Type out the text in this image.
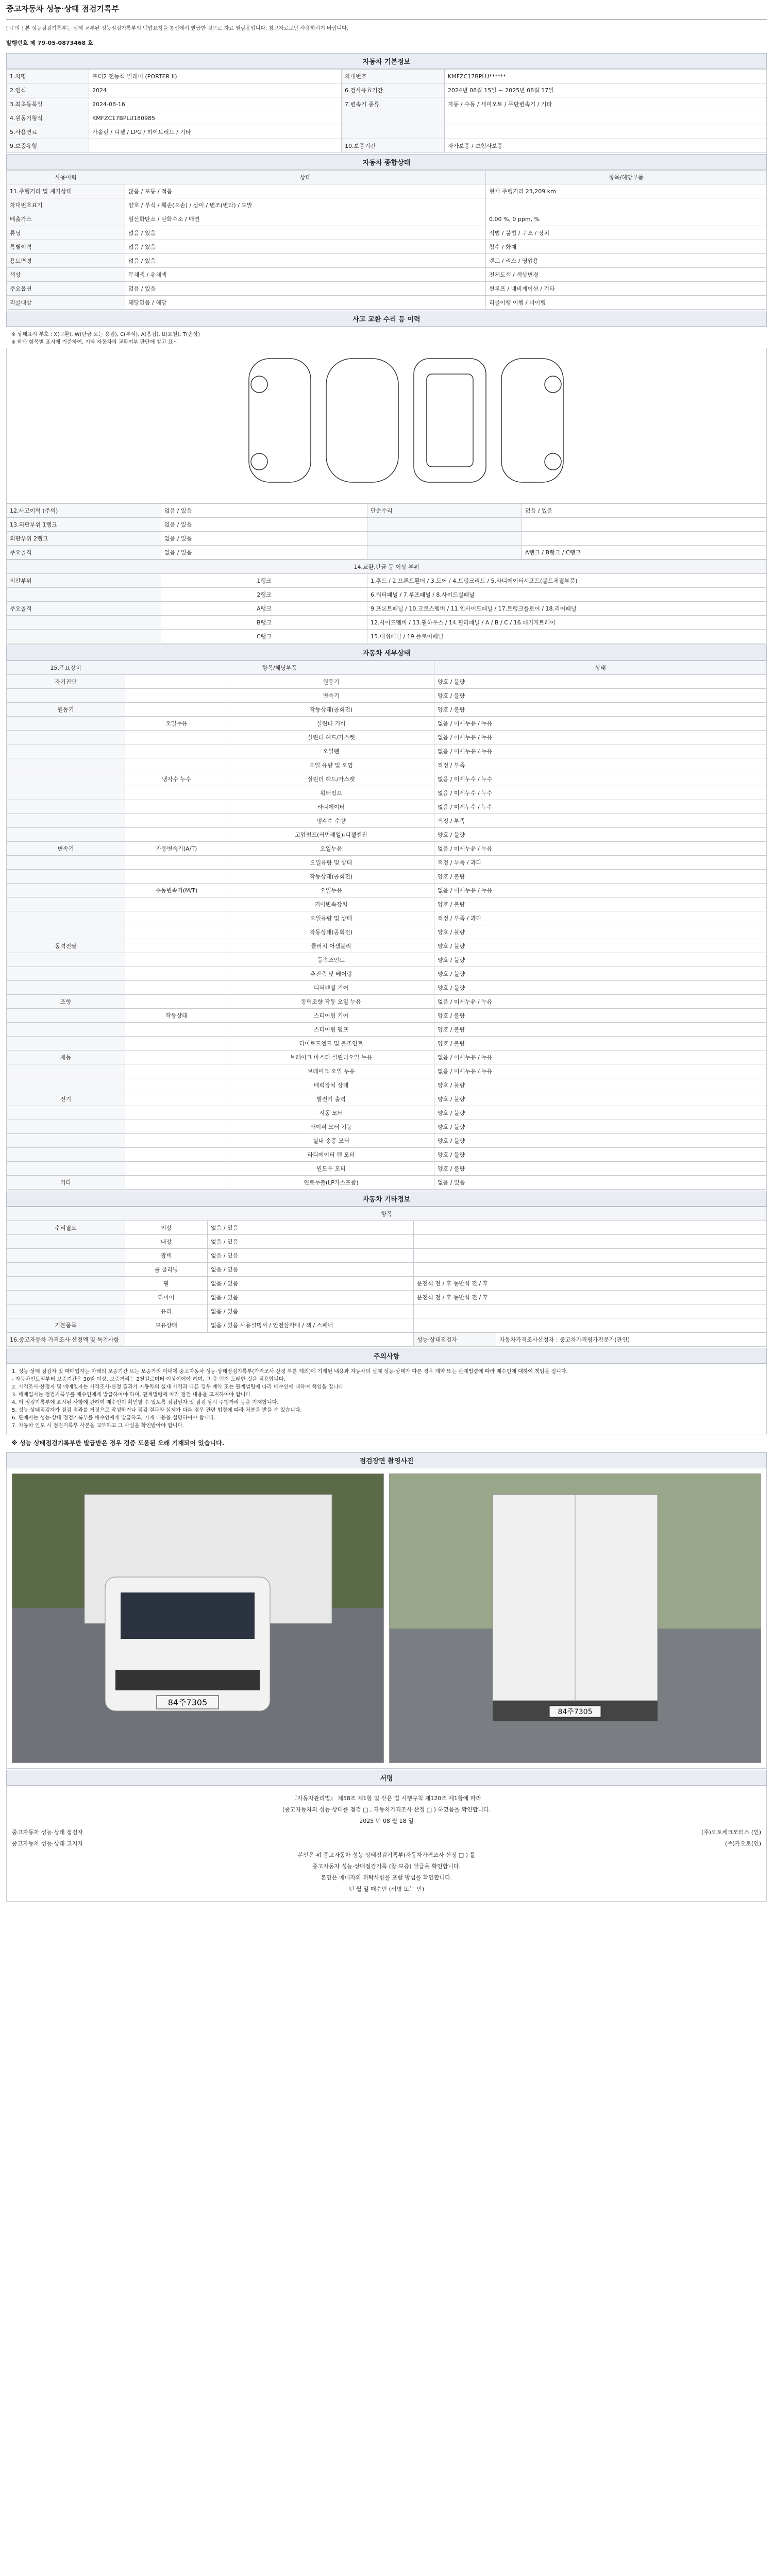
중고자동차 성능·상태 점검기록부
[ 주의 ] 본 성능점검기록부는 실제 교부된 성능점검기록부의 백업요청을 통신에서 발급한 것으로 자료 열람용입니다. 참고자료로만 사용하시기 바랍니다.
발행번호 제 79-05-0873468 호
자동차 기본정보
1.차명	포터2 전동식 빌레미 (PORTER II)	차대번호	KMFZC17BPLU******
2.연식	2024	6.검사유효기간	2024년 08월 15일 ~ 2025년 08월 17일
3.최초등록일	2024-08-16	7.변속기 종류	자동 / 수동 / 세미오토 / 무단변속기 / 기타
4.원동기형식	KMFZC17BPLU180985		
5.사용연료	가솔린 / 디젤 / LPG / 하이브리드 / 기타		
9.보증유형		10.보증기간	자가보증 / 보험사보증
자동차 종합상태
사용이력	상태	항목/해당부품
11.주행거리 및 계기상태	많음 / 보통 / 적음	현재 주행거리 23,209 km
차대번호표기	양호 / 부식 / 훼손(오손) / 상이 / 변조(변타) / 도말	
배출가스	일산화탄소 / 탄화수소 / 매연	0.00 %, 0 ppm, %
튜닝	없음 / 있음	적법 / 불법 / 구조 / 장치
특별이력	없음 / 있음	침수 / 화재
용도변경	없음 / 있음	렌트 / 리스 / 영업용
색상	무채색 / 유채색	전체도색 / 색상변경
주요옵션	없음 / 있음	썬루프 / 네비게이션 / 기타
리콜대상	해당없음 / 해당	리콜이행 이행 / 미이행
사고 교환 수리 등 이력
※ 상태표시 부호 : X(교환), W(판금 또는 용접), C(부식), A(흠집), U(요철), T(손상)
※ 하단 항목별 표시에 기준하여, 기타 자동차의 교환여부 판단에 참고 표시
12.사고이력 (주의)	없음 / 있음	단순수리	없음 / 있음
13.외판부위 1랭크	없음 / 있음		
외판부위 2랭크	없음 / 있음		
주요골격	없음 / 있음		A랭크 / B랭크 / C랭크
14.교환,판금 등 이상 부위		
외판부위	1랭크	1.후드 / 2.프론트휀더 / 3.도어 / 4.트렁크리드 / 5.라디에이터서포트(볼트체결부품)
	2랭크	6.쿼터패널 / 7.루프패널 / 8.사이드실패널
주요골격	A랭크	9.프론트패널 / 10.크로스멤버 / 11.인사이드패널 / 17.트렁크플로어 / 18.리어패널
	B랭크	12.사이드멤버 / 13.휠하우스 / 14.필러패널 / A / B / C / 16.패키지트레이
	C랭크	15.대쉬패널 / 19.플로어패널
자동차 세부상태
15.주요장치	항목/해당부품		상태
자기진단		원동기	양호 / 불량
		변속기	양호 / 불량
원동기		작동상태(공회전)	양호 / 불량
	오일누유	실린더 커버	없음 / 미세누유 / 누유
		실린더 헤드/가스켓	없음 / 미세누유 / 누유
		오일팬	없음 / 미세누유 / 누유
		오일 유량 및 오염	적정 / 부족
	냉각수 누수	실린더 헤드/가스켓	없음 / 미세누수 / 누수
		워터펌프	없음 / 미세누수 / 누수
		라디에이터	없음 / 미세누수 / 누수
		냉각수 수량	적정 / 부족
		고압펌프(커먼레일)-디젤엔진	양호 / 불량
변속기	자동변속기(A/T)	오일누유	없음 / 미세누유 / 누유
		오일유량 및 상태	적정 / 부족 / 과다
		작동상태(공회전)	양호 / 불량
	수동변속기(M/T)	오일누유	없음 / 미세누유 / 누유
		기어변속장치	양호 / 불량
		오일유량 및 상태	적정 / 부족 / 과다
		작동상태(공회전)	양호 / 불량
동력전달		클러치 어셈블리	양호 / 불량
		등속조인트	양호 / 불량
		추진축 및 베어링	양호 / 불량
		디퍼렌셜 기어	양호 / 불량
조향		동력조향 작동 오일 누유	없음 / 미세누유 / 누유
	작동상태	스티어링 기어	양호 / 불량
		스티어링 펌프	양호 / 불량
		타이로드엔드 및 볼조인트	양호 / 불량
제동		브레이크 마스터 실린더오일 누유	없음 / 미세누유 / 누유
		브레이크 오일 누유	없음 / 미세누유 / 누유
		배력장치 상태	양호 / 불량
전기		발전기 출력	양호 / 불량
		시동 모터	양호 / 불량
		와이퍼 모터 기능	양호 / 불량
		실내 송풍 모터	양호 / 불량
		라디에이터 팬 모터	양호 / 불량
		윈도우 모터	양호 / 불량
기타		연료누출(LP가스포함)	없음 / 있음
자동차 기타정보
항목			
수리필요	외장	없음 / 있음	
	내장	없음 / 있음	
	광택	없음 / 있음	
	룸 클리닝	없음 / 있음	
	휠	없음 / 있음	운전석 전 / 후 동반석 전 / 후
	타이어	없음 / 있음	운전석 전 / 후 동반석 전 / 후
	유리	없음 / 있음	
기본품목	보유상태	없음 / 있음 사용설명서 / 안전삼각대 / 잭 / 스패너	
16.중고자동차 가격조사·산정액 및 특기사항		성능·상태점검자	자동차가격조사산정자 : 중고차가격평가전문가(관인)
주의사항
1. 성능·상태 점검자 및 매매업자는 아래의 보증기간 또는 보증거리 이내에 중고자동차 성능·상태점검기록부(가격조사·산정 부분 제외)에 기재된 내용과 자동차의 실제 성능·상태가 다른 경우 계약 또는 관계법령에 따라 매수인에 대하여 책임을 집니다.
- 자동차인도일부터 보증기간은 30일 이상, 보증거리는 2천킬로미터 이상이어야 하며, 그 중 먼저 도래한 것을 적용합니다.
2. 가격조사·산정자 및 매매업자는 가격조사·산정 결과가 자동차의 실제 가격과 다른 경우 계약 또는 관계법령에 따라 매수인에 대하여 책임을 집니다.
3. 매매업자는 점검기록부를 매수인에게 발급하여야 하며, 관계법령에 따라 점검 내용을 고지하여야 합니다.
4. 이 점검기록부에 표시된 사항에 관하여 매수인이 확인할 수 있도록 점검일자 및 점검 당시 주행거리 등을 기재합니다.
5. 성능·상태점검자가 점검 결과를 거짓으로 작성하거나 점검 결과와 실제가 다른 경우 관련 법령에 따라 처분을 받을 수 있습니다.
6. 판매자는 성능·상태 점검기록부를 매수인에게 발급하고, 기재 내용을 설명하여야 합니다.
7. 자동차 인도 시 점검기록부 사본을 교부하고 그 사실을 확인받아야 합니다.
※ 성능 상태점검기록부만 발급받은 경우 검증 도움된 오래 기재되어 있습니다.
점검장면 촬영사진
84주7305
84주7305
서명
『자동차관리법』 제58조 제1항 및 같은 법 시행규칙 제120조 제1항에 따라
(중고자동차의 성능·상태를 점검 □ , 자동차가격조사·산정 □ ) 하였음을 확인합니다.
2025 년 08 월 18 일
중고자동차 성능·상태 점검자	(주)오토체크모터스 (인)
중고자동차 성능·상태 고지자	(주)카오토(인)
본인은 위 중고자동차 성능·상태점검기록부(자동차가격조사·산정 □ ) 를
중고자동차 성능·상태점검기록 (참 보증) 발급을 확인합니다.
본인은 매매자의 위탁사항을 포함 방법을 확인합니다.
년 월 일 매수인 (서명 또는 인)
